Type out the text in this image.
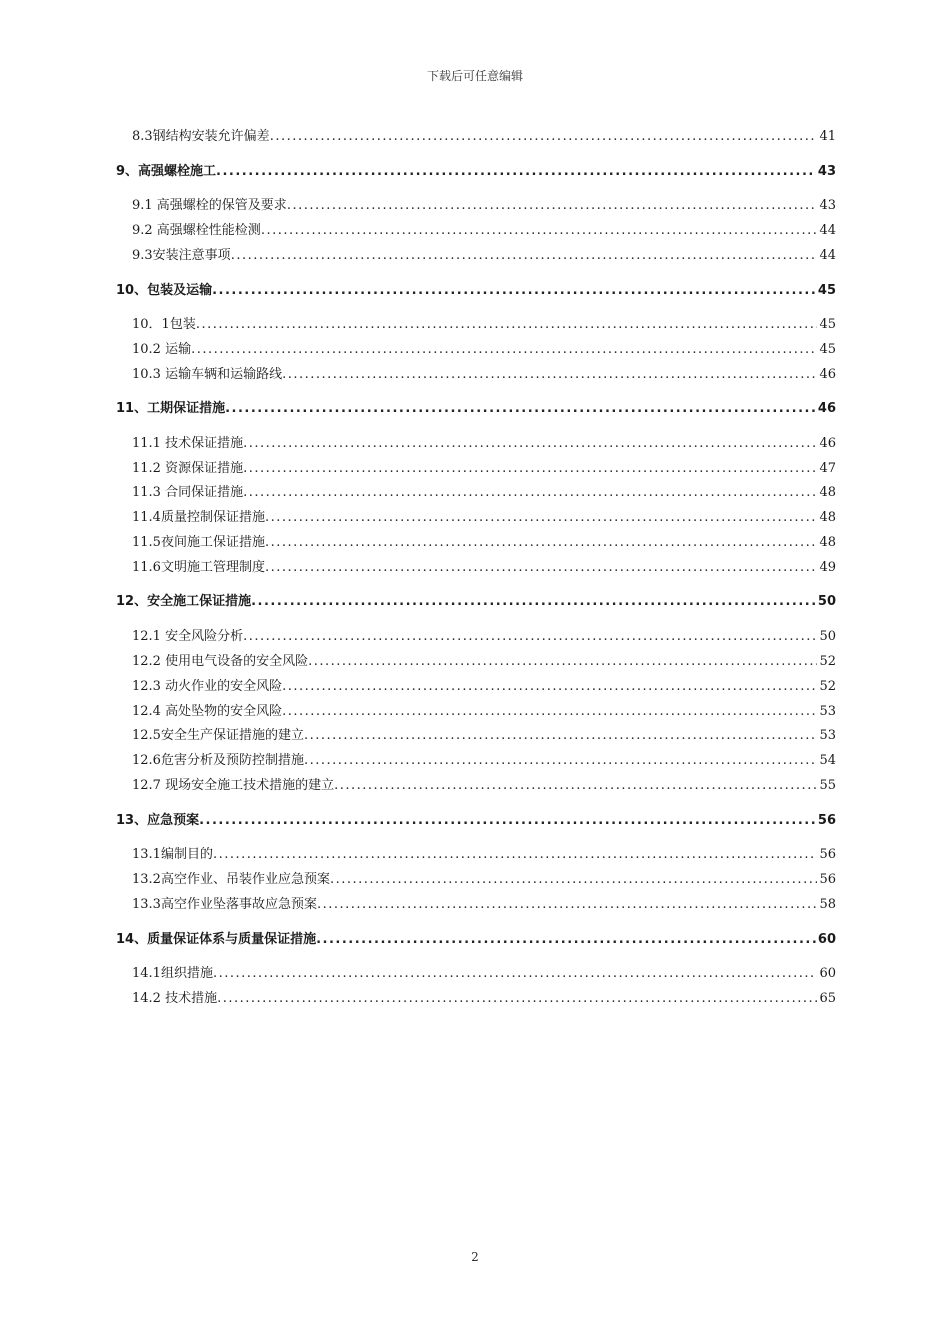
下载后可任意编辑
8.3钢结构安装允许偏差 .....	41
9、高强螺栓施工 .....	43
9.1 高强螺栓的保管及要求 .....	43
9.2 高强螺栓性能检测 .....	44
9.3安装注意事项 .....	44
10、包装及运输 .....	45
10．1包装 .....	45
10.2 运输 .....	45
10.3 运输车辆和运输路线 .....	46
11、工期保证措施 .....	46
11.1 技术保证措施 .....	46
11.2 资源保证措施 .....	47
11.3 合同保证措施 .....	48
11.4质量控制保证措施 .....	48
11.5夜间施工保证措施 .....	48
11.6文明施工管理制度 .....	49
12、安全施工保证措施 .....	50
12.1 安全风险分析 .....	50
12.2 使用电气设备的安全风险 .....	52
12.3 动火作业的安全风险 .....	52
12.4 高处坠物的安全风险 .....	53
12.5安全生产保证措施的建立 .....	53
12.6危害分析及预防控制措施 .....	54
12.7 现场安全施工技术措施的建立 .....	55
13、应急预案 .....	56
13.1编制目的 .....	56
13.2高空作业、吊装作业应急预案 .....	56
13.3高空作业坠落事故应急预案 .....	58
14、质量保证体系与质量保证措施 .....	60
14.1组织措施 .....	60
14.2 技术措施 .....	65
2
